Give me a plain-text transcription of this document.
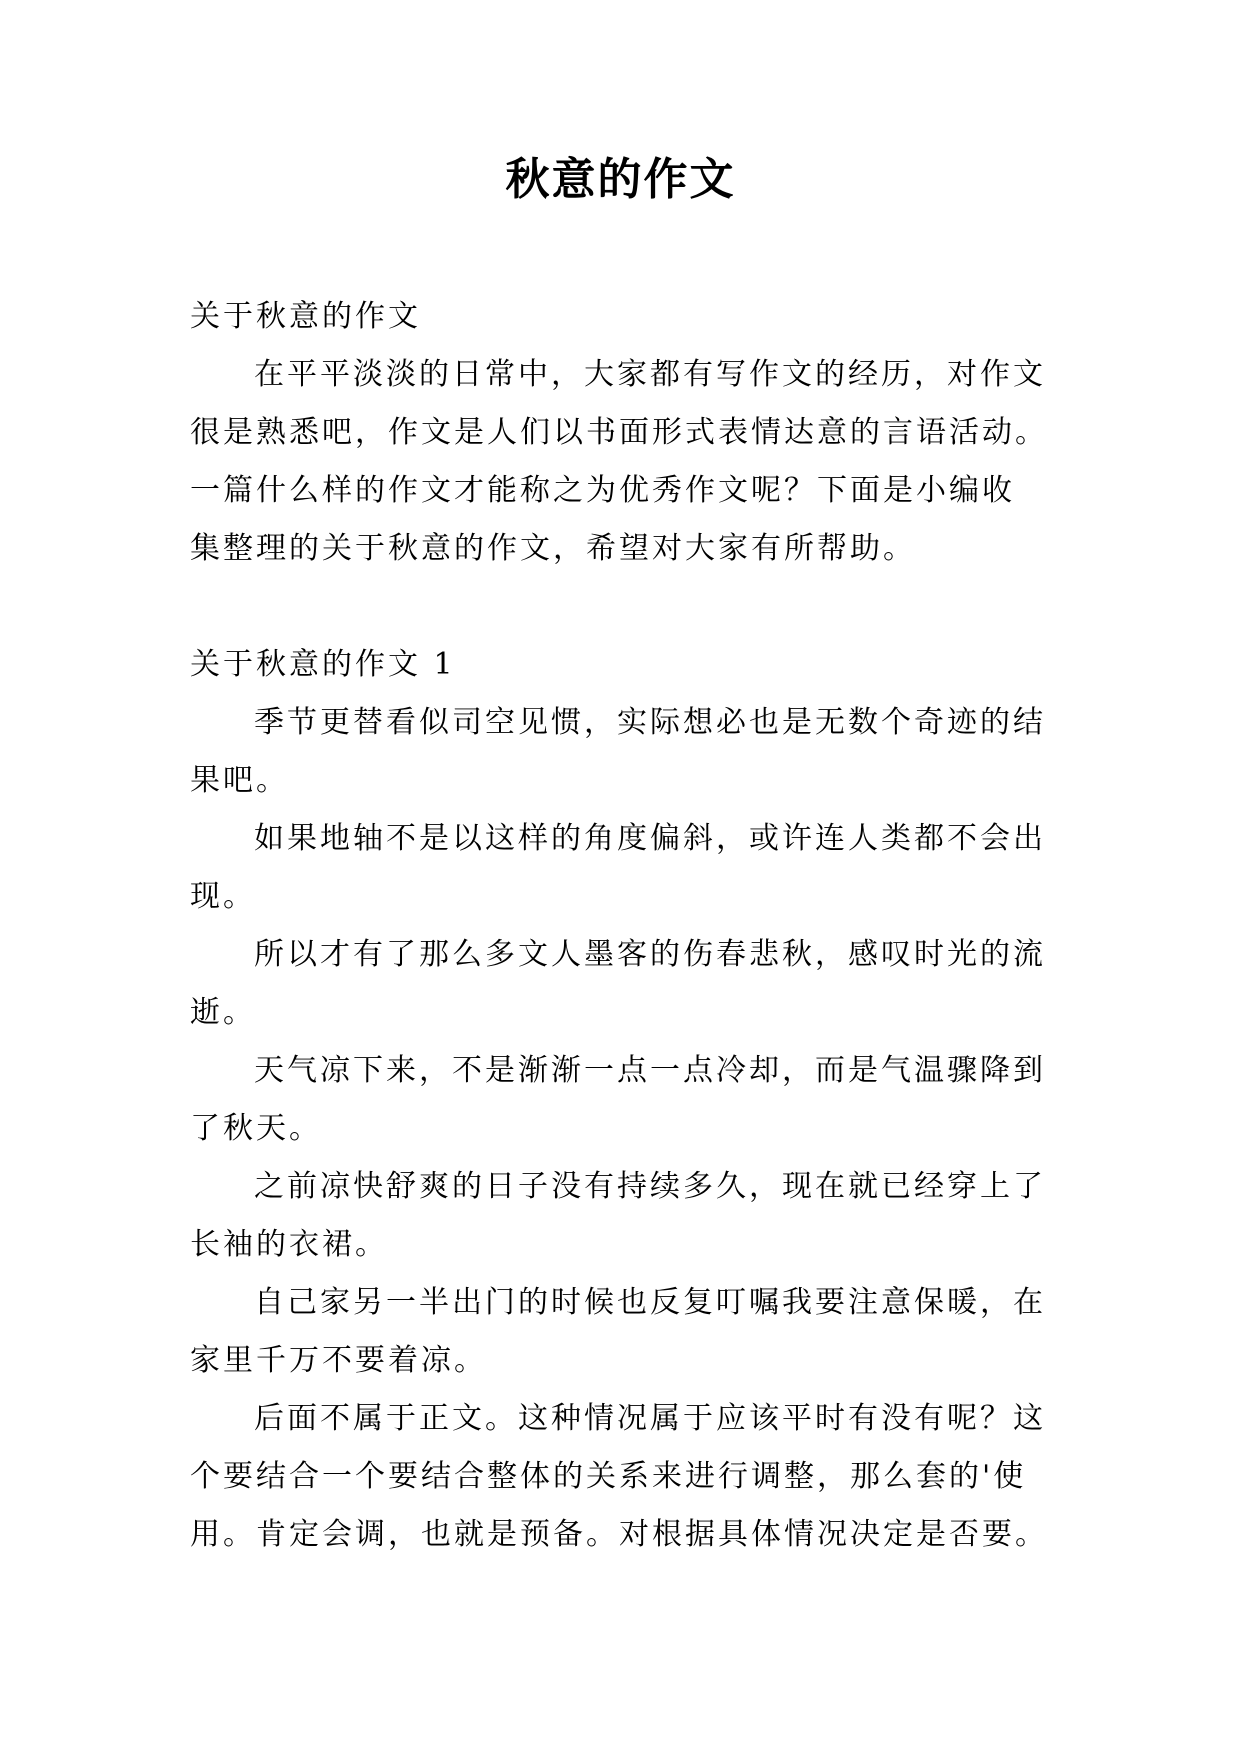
秋意的作文
关于秋意的作文
在平平淡淡的日常中，大家都有写作文的经历，对作文
很是熟悉吧，作文是人们以书面形式表情达意的言语活动。
一篇什么样的作文才能称之为优秀作文呢？下面是小编收
集整理的关于秋意的作文，希望对大家有所帮助。
关于秋意的作文 1
季节更替看似司空见惯，实际想必也是无数个奇迹的结
果吧。
如果地轴不是以这样的角度偏斜，或许连人类都不会出
现。
所以才有了那么多文人墨客的伤春悲秋，感叹时光的流
逝。
天气凉下来，不是渐渐一点一点冷却，而是气温骤降到
了秋天。
之前凉快舒爽的日子没有持续多久，现在就已经穿上了
长袖的衣裙。
自己家另一半出门的时候也反复叮嘱我要注意保暖，在
家里千万不要着凉。
后面不属于正文。这种情况属于应该平时有没有呢？这
个要结合一个要结合整体的关系来进行调整，那么套的'使
用。肯定会调，也就是预备。对根据具体情况决定是否要。
